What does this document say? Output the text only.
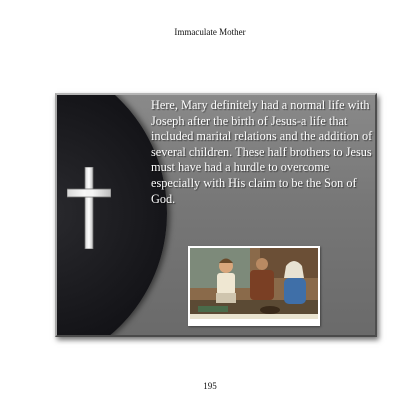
Immaculate Mother
Here, Mary definitely had a normal life with Joseph after the birth of Jesus-a life that included marital relations and the addition of several children. These half brothers to Jesus must have had a hurdle to overcome especially with His claim to be the Son of God.
195
